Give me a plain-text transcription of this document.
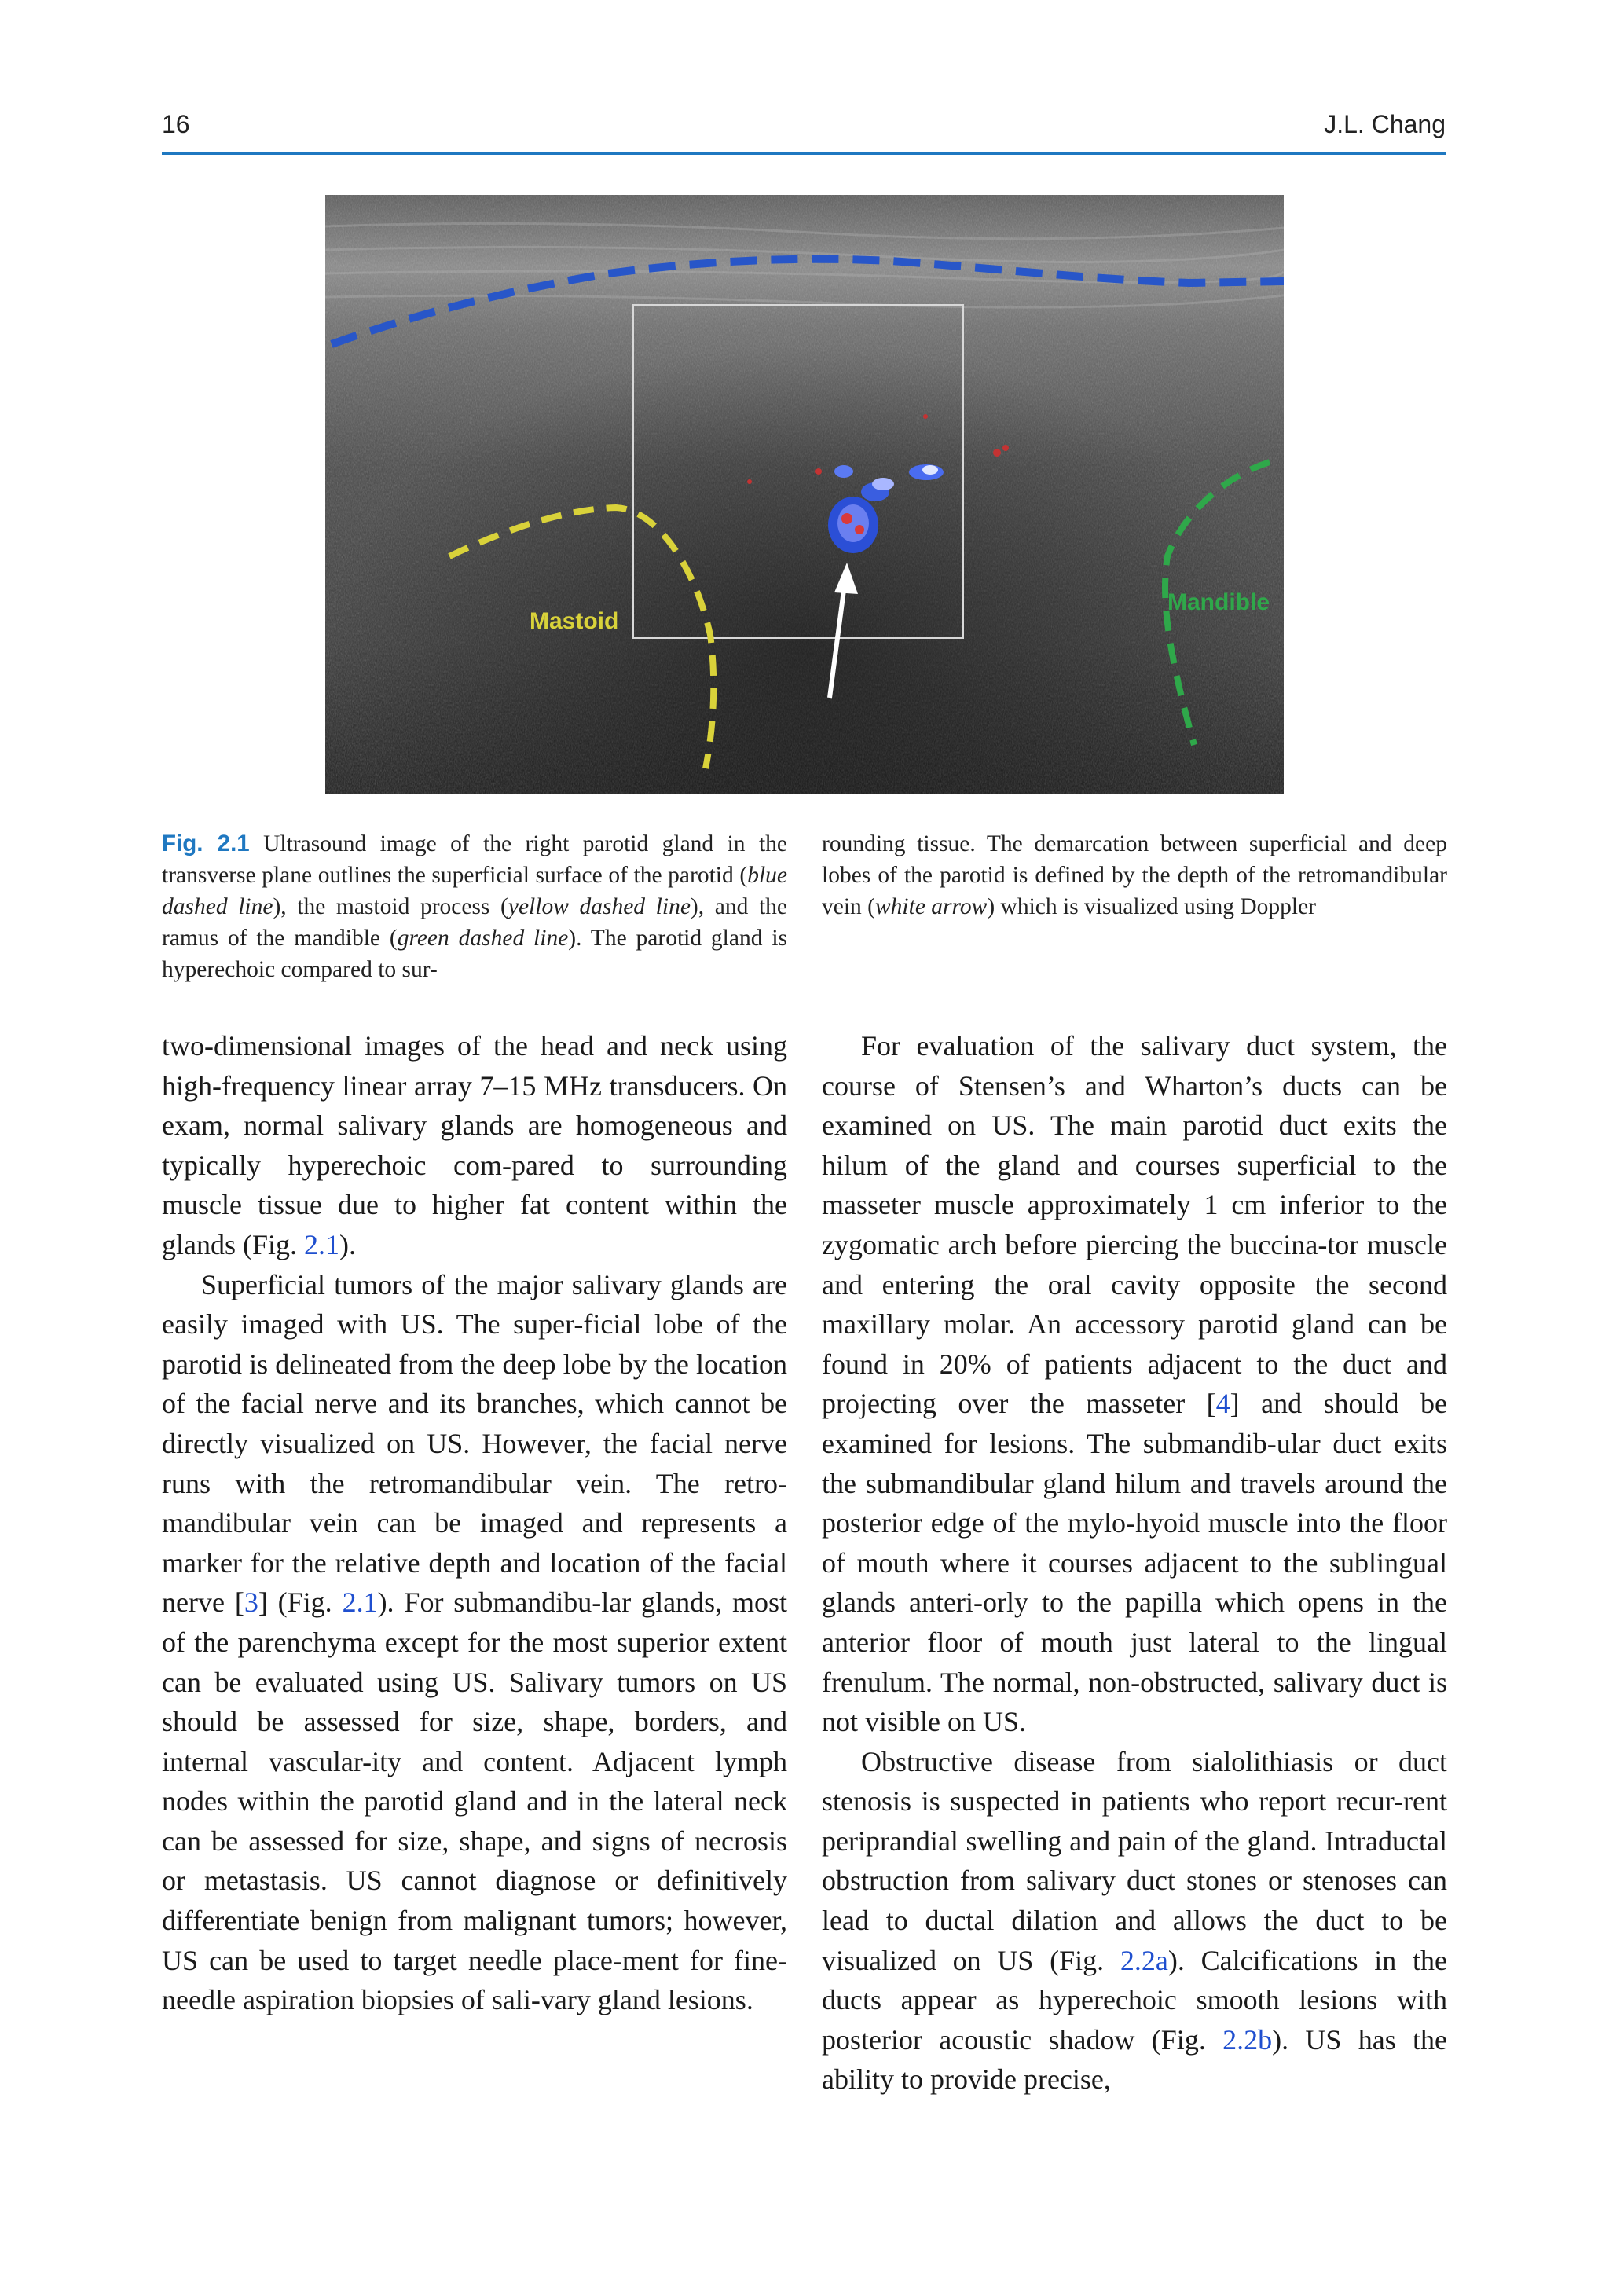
16	J.L. Chang
Mastoid
Mandible
Fig. 2.1 Ultrasound image of the right parotid gland in the transverse plane outlines the superficial surface of the parotid (blue dashed line), the mastoid process (yellow dashed line), and the ramus of the mandible (green dashed line). The parotid gland is hyperechoic compared to sur-
rounding tissue. The demarcation between superficial and deep lobes of the parotid is defined by the depth of the retromandibular vein (white arrow) which is visualized using Doppler

two-dimensional images of the head and neck using high-frequency linear array 7–15 MHz transducers. On exam, normal salivary glands are homogeneous and typically hyperechoic com-pared to surrounding muscle tissue due to higher fat content within the glands (Fig. 2.1).

Superficial tumors of the major salivary glands are easily imaged with US. The super-ficial lobe of the parotid is delineated from the deep lobe by the location of the facial nerve and its branches, which cannot be directly visualized on US. However, the facial nerve runs with the retromandibular vein. The retro-mandibular vein can be imaged and represents a marker for the relative depth and location of the facial nerve [3] (Fig. 2.1). For submandibu-lar glands, most of the parenchyma except for the most superior extent can be evaluated using US. Salivary tumors on US should be assessed for size, shape, borders, and internal vascular-ity and content. Adjacent lymph nodes within the parotid gland and in the lateral neck can be assessed for size, shape, and signs of necrosis or metastasis. US cannot diagnose or definitively differentiate benign from malignant tumors; however, US can be used to target needle place-ment for fine-needle aspiration biopsies of sali-vary gland lesions.

For evaluation of the salivary duct system, the course of Stensen’s and Wharton’s ducts can be examined on US. The main parotid duct exits the hilum of the gland and courses superficial to the masseter muscle approximately 1 cm inferior to the zygomatic arch before piercing the buccina-tor muscle and entering the oral cavity opposite the second maxillary molar. An accessory parotid gland can be found in 20% of patients adjacent to the duct and projecting over the masseter [4] and should be examined for lesions. The submandib-ular duct exits the submandibular gland hilum and travels around the posterior edge of the mylo-hyoid muscle into the floor of mouth where it courses adjacent to the sublingual glands anteri-orly to the papilla which opens in the anterior floor of mouth just lateral to the lingual frenulum. The normal, non-obstructed, salivary duct is not visible on US.

Obstructive disease from sialolithiasis or duct stenosis is suspected in patients who report recur-rent periprandial swelling and pain of the gland. Intraductal obstruction from salivary duct stones or stenoses can lead to ductal dilation and allows the duct to be visualized on US (Fig. 2.2a). Calcifications in the ducts appear as hyperechoic smooth lesions with posterior acoustic shadow (Fig. 2.2b). US has the ability to provide precise,
